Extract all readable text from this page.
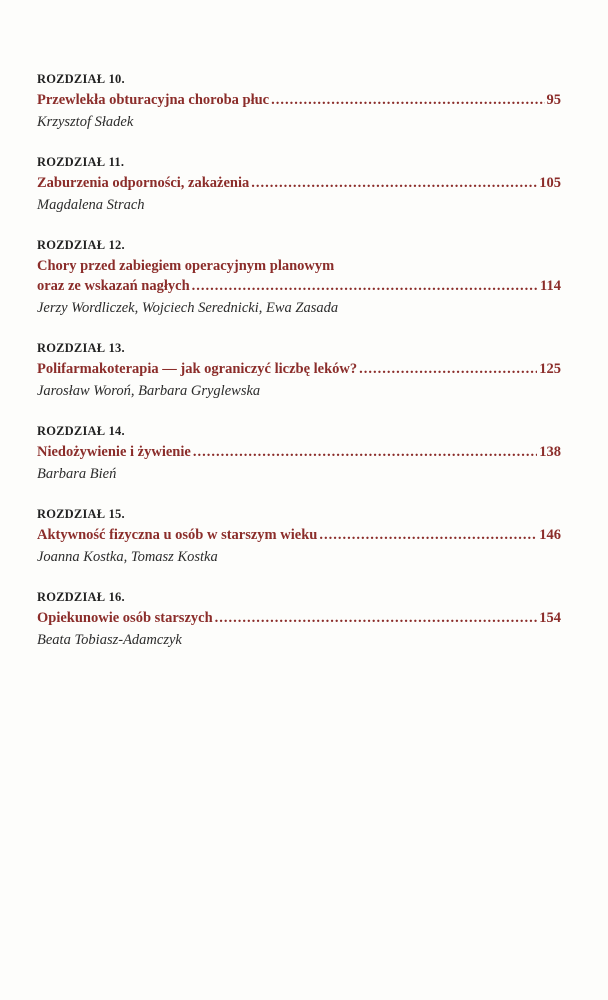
ROZDZIAŁ 10.
Przewlekła obturacyjna choroba płuc .....	95
Krzysztof Sładek
ROZDZIAŁ 11.
Zaburzenia odporności, zakażenia .....	105
Magdalena Strach
ROZDZIAŁ 12.
Chory przed zabiegiem operacyjnym planowym
oraz ze wskazań nagłych .....	114
Jerzy Wordliczek, Wojciech Serednicki, Ewa Zasada
ROZDZIAŁ 13.
Polifarmakoterapia — jak ograniczyć liczbę leków? .....	125
Jarosław Woroń, Barbara Gryglewska
ROZDZIAŁ 14.
Niedożywienie i żywienie .....	138
Barbara Bień
ROZDZIAŁ 15.
Aktywność fizyczna u osób w starszym wieku .....	146
Joanna Kostka, Tomasz Kostka
ROZDZIAŁ 16.
Opiekunowie osób starszych .....	154
Beata Tobiasz-Adamczyk
